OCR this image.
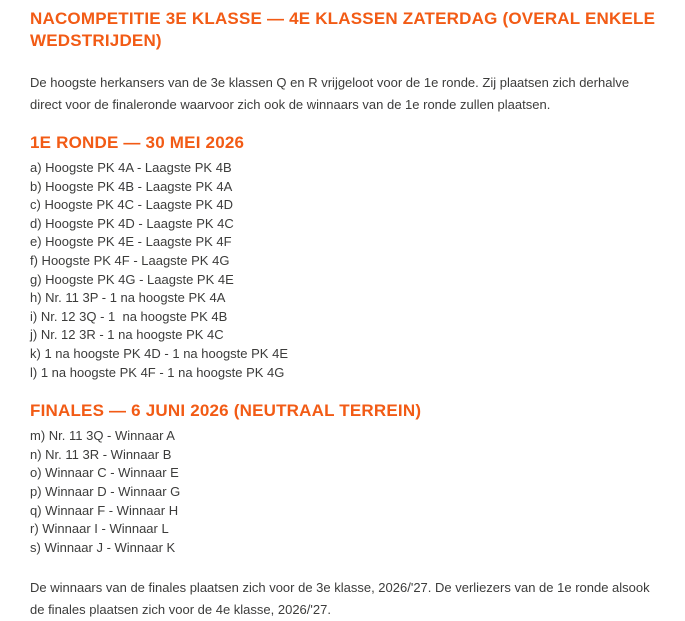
NACOMPETITIE 3E KLASSE — 4E KLASSEN ZATERDAG (OVERAL ENKELE WEDSTRIJDEN)

De hoogste herkansers van de 3e klassen Q en R vrijgeloot voor de 1e ronde. Zij plaatsen zich derhalve direct voor de finaleronde waarvoor zich ook de winnaars van de 1e ronde zullen plaatsen.

1E RONDE — 30 MEI 2026
a) Hoogste PK 4A - Laagste PK 4B
b) Hoogste PK 4B - Laagste PK 4A
c) Hoogste PK 4C - Laagste PK 4D
d) Hoogste PK 4D - Laagste PK 4C
e) Hoogste PK 4E - Laagste PK 4F
f) Hoogste PK 4F - Laagste PK 4G
g) Hoogste PK 4G - Laagste PK 4E
h) Nr. 11 3P - 1 na hoogste PK 4A
i) Nr. 12 3Q - 1  na hoogste PK 4B
j) Nr. 12 3R - 1 na hoogste PK 4C
k) 1 na hoogste PK 4D - 1 na hoogste PK 4E
l) 1 na hoogste PK 4F - 1 na hoogste PK 4G
FINALES — 6 JUNI 2026 (NEUTRAAL TERREIN)
m) Nr. 11 3Q - Winnaar A
n) Nr. 11 3R - Winnaar B
o) Winnaar C - Winnaar E
p) Winnaar D - Winnaar G
q) Winnaar F - Winnaar H
r) Winnaar I - Winnaar L
s) Winnaar J - Winnaar K

De winnaars van de finales plaatsen zich voor de 3e klasse, 2026/'27. De verliezers van de 1e ronde alsook de finales plaatsen zich voor de 4e klasse, 2026/'27.
